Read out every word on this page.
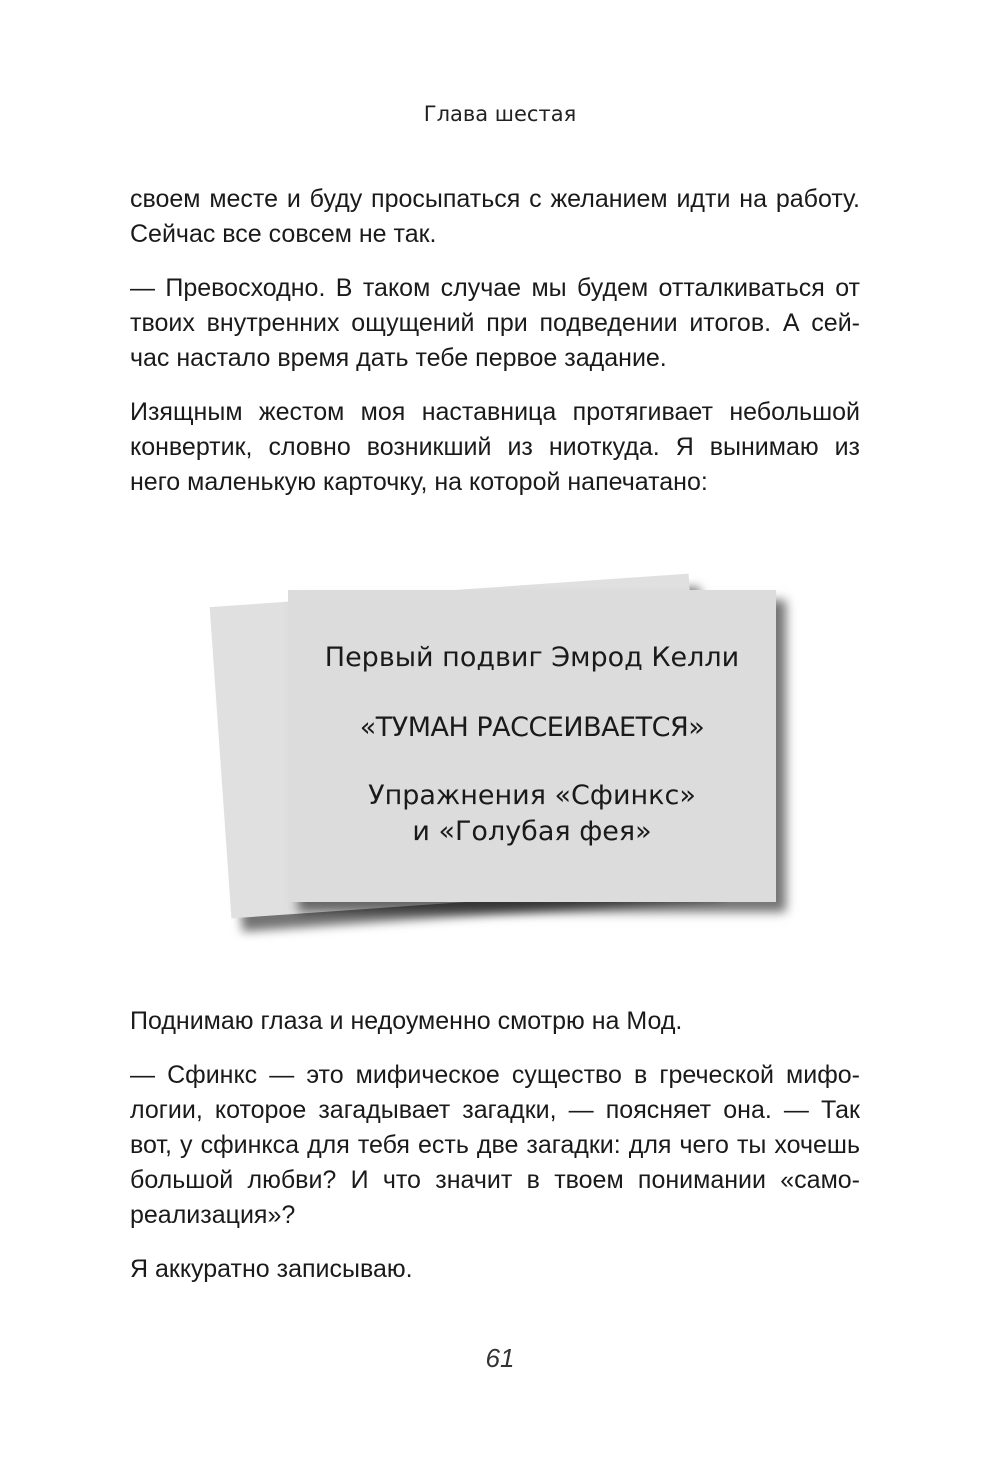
Глава шестая

своем месте и буду просыпаться с желанием идти на работу.
Сейчас все совсем не так.

— Превосходно. В таком случае мы будем отталкиваться от
твоих внутренних ощущений при подведении итогов. А сей-
час настало время дать тебе первое задание.

Изящным жестом моя наставница протягивает небольшой
конвертик, словно возникший из ниоткуда. Я вынимаю из
него маленькую карточку, на которой напечатано:

Первый подвиг Эмрод Келли
«ТУМАН РАССЕИВАЕТСЯ»
Упражнения «Сфинкс»
и «Голубая фея»

Поднимаю глаза и недоуменно смотрю на Мод.

— Сфинкс — это мифическое существо в греческой мифо-
логии, которое загадывает загадки, — поясняет она. — Так
вот, у сфинкса для тебя есть две загадки: для чего ты хочешь
большой любви? И что значит в твоем понимании «само-
реализация»?

Я аккуратно записываю.

61
